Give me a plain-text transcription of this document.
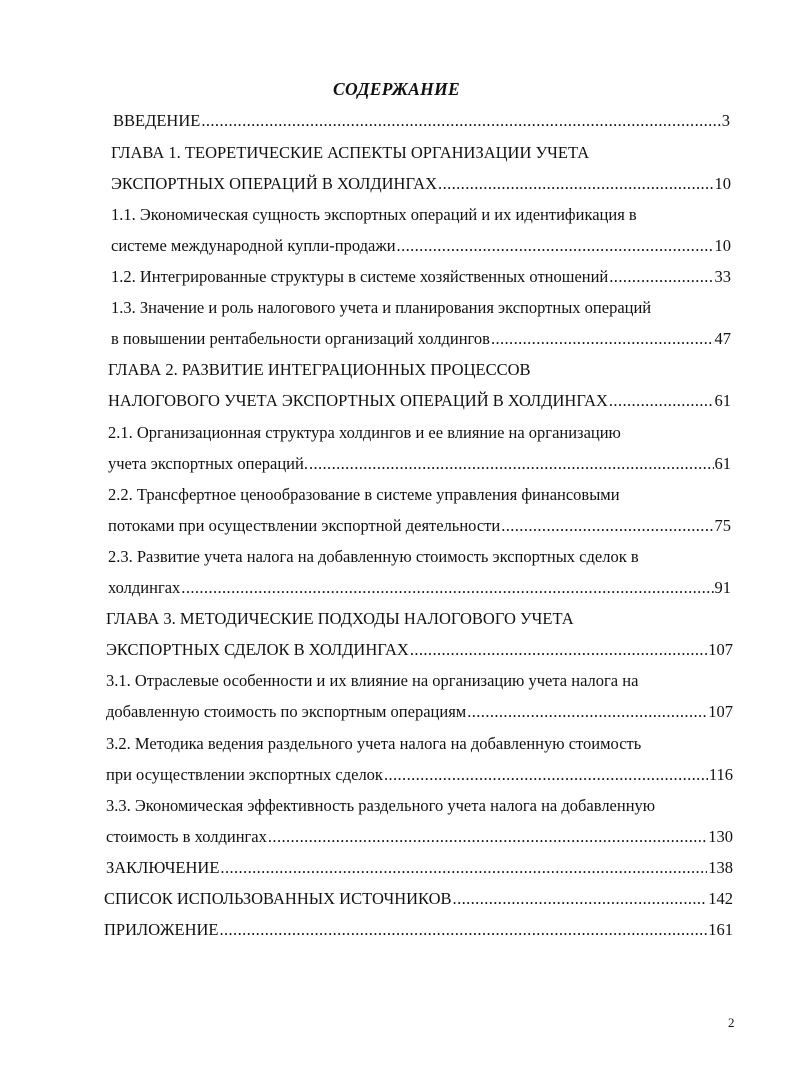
СОДЕРЖАНИЕ
ВВЕДЕНИЕ .....	3
ГЛАВА 1. ТЕОРЕТИЧЕСКИЕ АСПЕКТЫ ОРГАНИЗАЦИИ УЧЕТА
ЭКСПОРТНЫХ ОПЕРАЦИЙ В ХОЛДИНГАХ .....	10
1.1. Экономическая сущность экспортных операций и их идентификация в
системе международной купли-продажи .....	10
1.2. Интегрированные структуры в системе хозяйственных отношений .....	33
1.3. Значение и роль налогового учета и планирования экспортных операций
в повышении рентабельности организаций холдингов .....	47
ГЛАВА 2. РАЗВИТИЕ ИНТЕГРАЦИОННЫХ ПРОЦЕССОВ
НАЛОГОВОГО УЧЕТА ЭКСПОРТНЫХ ОПЕРАЦИЙ В ХОЛДИНГАХ .....	61
2.1. Организационная структура холдингов и ее влияние на организацию
учета экспортных операций. .....	61
2.2. Трансфертное ценообразование в системе управления финансовыми
потоками при осуществлении экспортной деятельности .....	75
2.3. Развитие учета налога на добавленную стоимость экспортных сделок в
холдингах .....	91
ГЛАВА 3. МЕТОДИЧЕСКИЕ ПОДХОДЫ НАЛОГОВОГО УЧЕТА
ЭКСПОРТНЫХ СДЕЛОК В ХОЛДИНГАХ .....	107
3.1. Отраслевые особенности и их влияние на организацию учета налога на
добавленную стоимость по экспортным операциям .....	107
3.2. Методика ведения раздельного учета налога на добавленную стоимость
при осуществлении экспортных сделок .....	116
3.3. Экономическая эффективность раздельного учета налога на добавленную
стоимость в холдингах .....	130
ЗАКЛЮЧЕНИЕ .....	138
СПИСОК ИСПОЛЬЗОВАННЫХ ИСТОЧНИКОВ .....	142
ПРИЛОЖЕНИЕ .....	161
2
